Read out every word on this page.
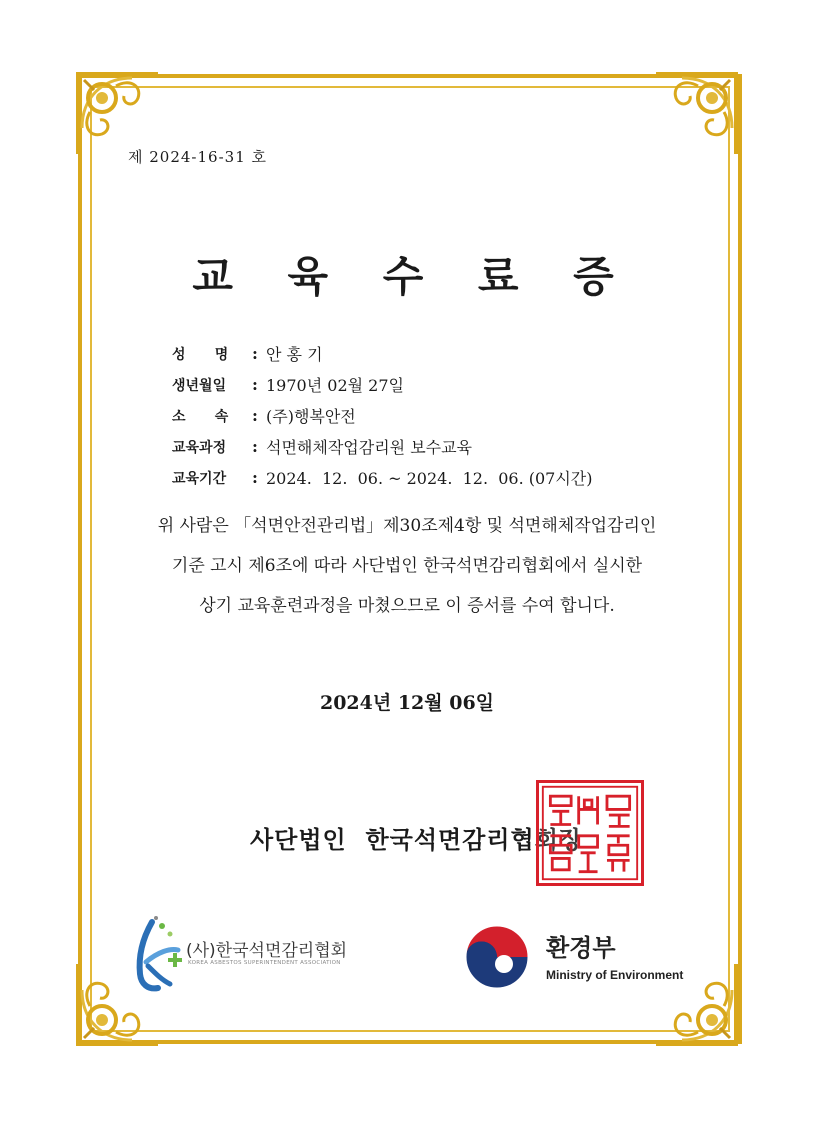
제 2024-16-31 호
교 육 수 료 증
성      명	: 안 홍 기
생년월일	: 1970년 02월 27일
소      속	: (주)행복안전
교육과정	: 석면해체작업감리원 보수교육
교육기간	: 2024.  12.  06. ~ 2024.  12.  06. (07시간)
위 사람은 「석면안전관리법」제30조제4항 및 석면해체작업감리인
기준 고시 제6조에 따라 사단법인 한국석면감리협회에서 실시한
상기 교육훈련과정을 마쳤으므로 이 증서를 수여 합니다.
2024년 12월 06일
사단법인  한국석면감리협회장
(사)한국석면감리협회
KOREA ASBESTOS SUPERINTENDENT ASSOCIATION
환경부
Ministry of Environment
